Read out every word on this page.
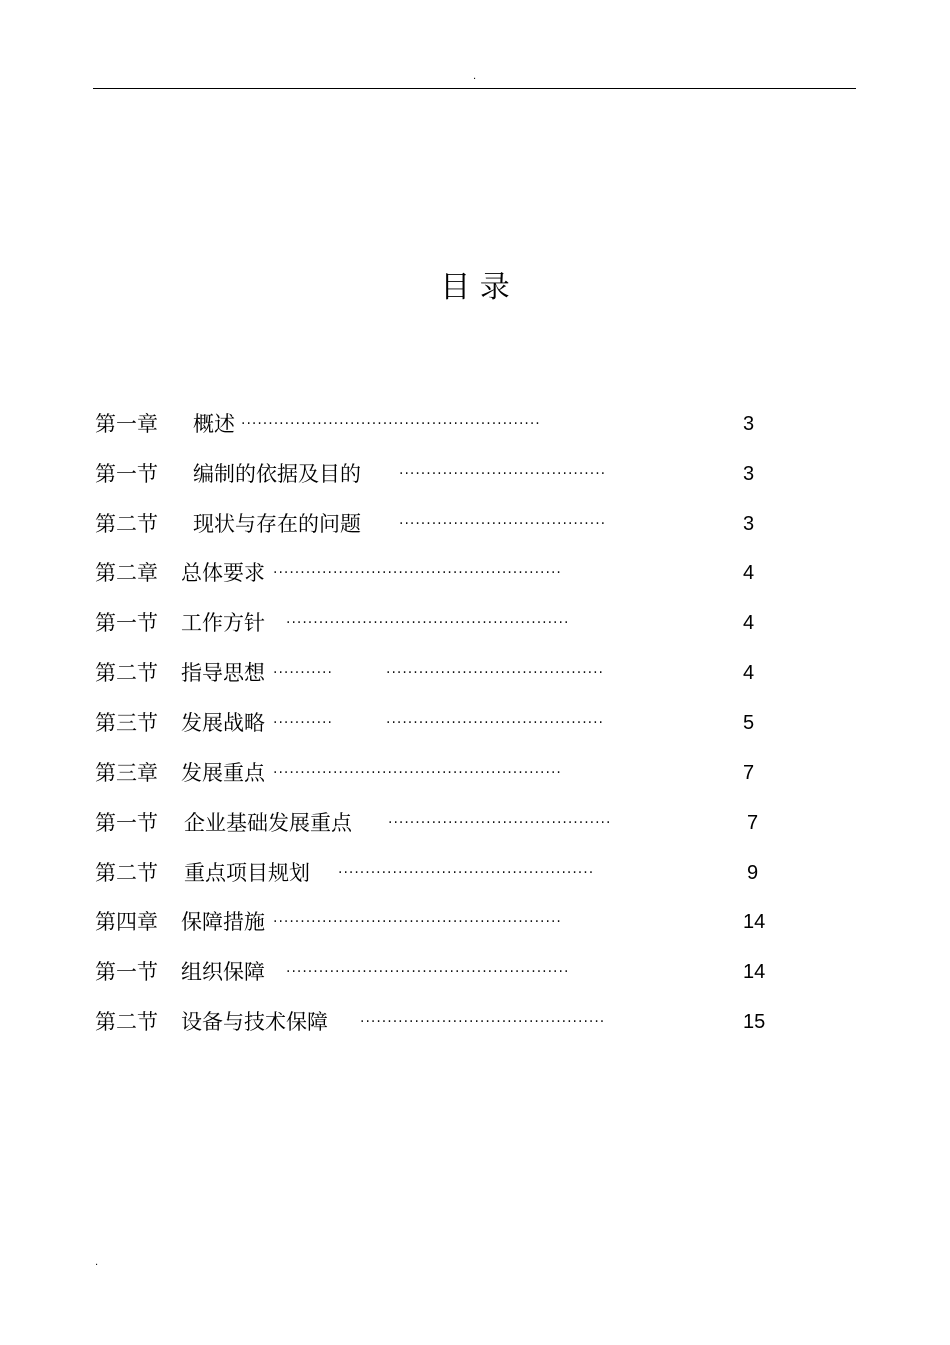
.
目 录
第一章 概述 ·······················································	3
第一节 编制的依据及目的	······································	3
第二节 现状与存在的问题	······································	3
第二章 总体要求 ·····················································	4
第一节 工作方针 ····················································	4
第二节 指导思想 ···········	········································	4
第三节 发展战略 ···········	········································	5
第三章 发展重点 ·····················································	7
第一节 企业基础发展重点	·········································	7
第二节 重点项目规划 ···············································	9
第四章 保障措施 ·····················································	14
第一节 组织保障 ····················································	14
第二节 设备与技术保障 ·············································	15
.
